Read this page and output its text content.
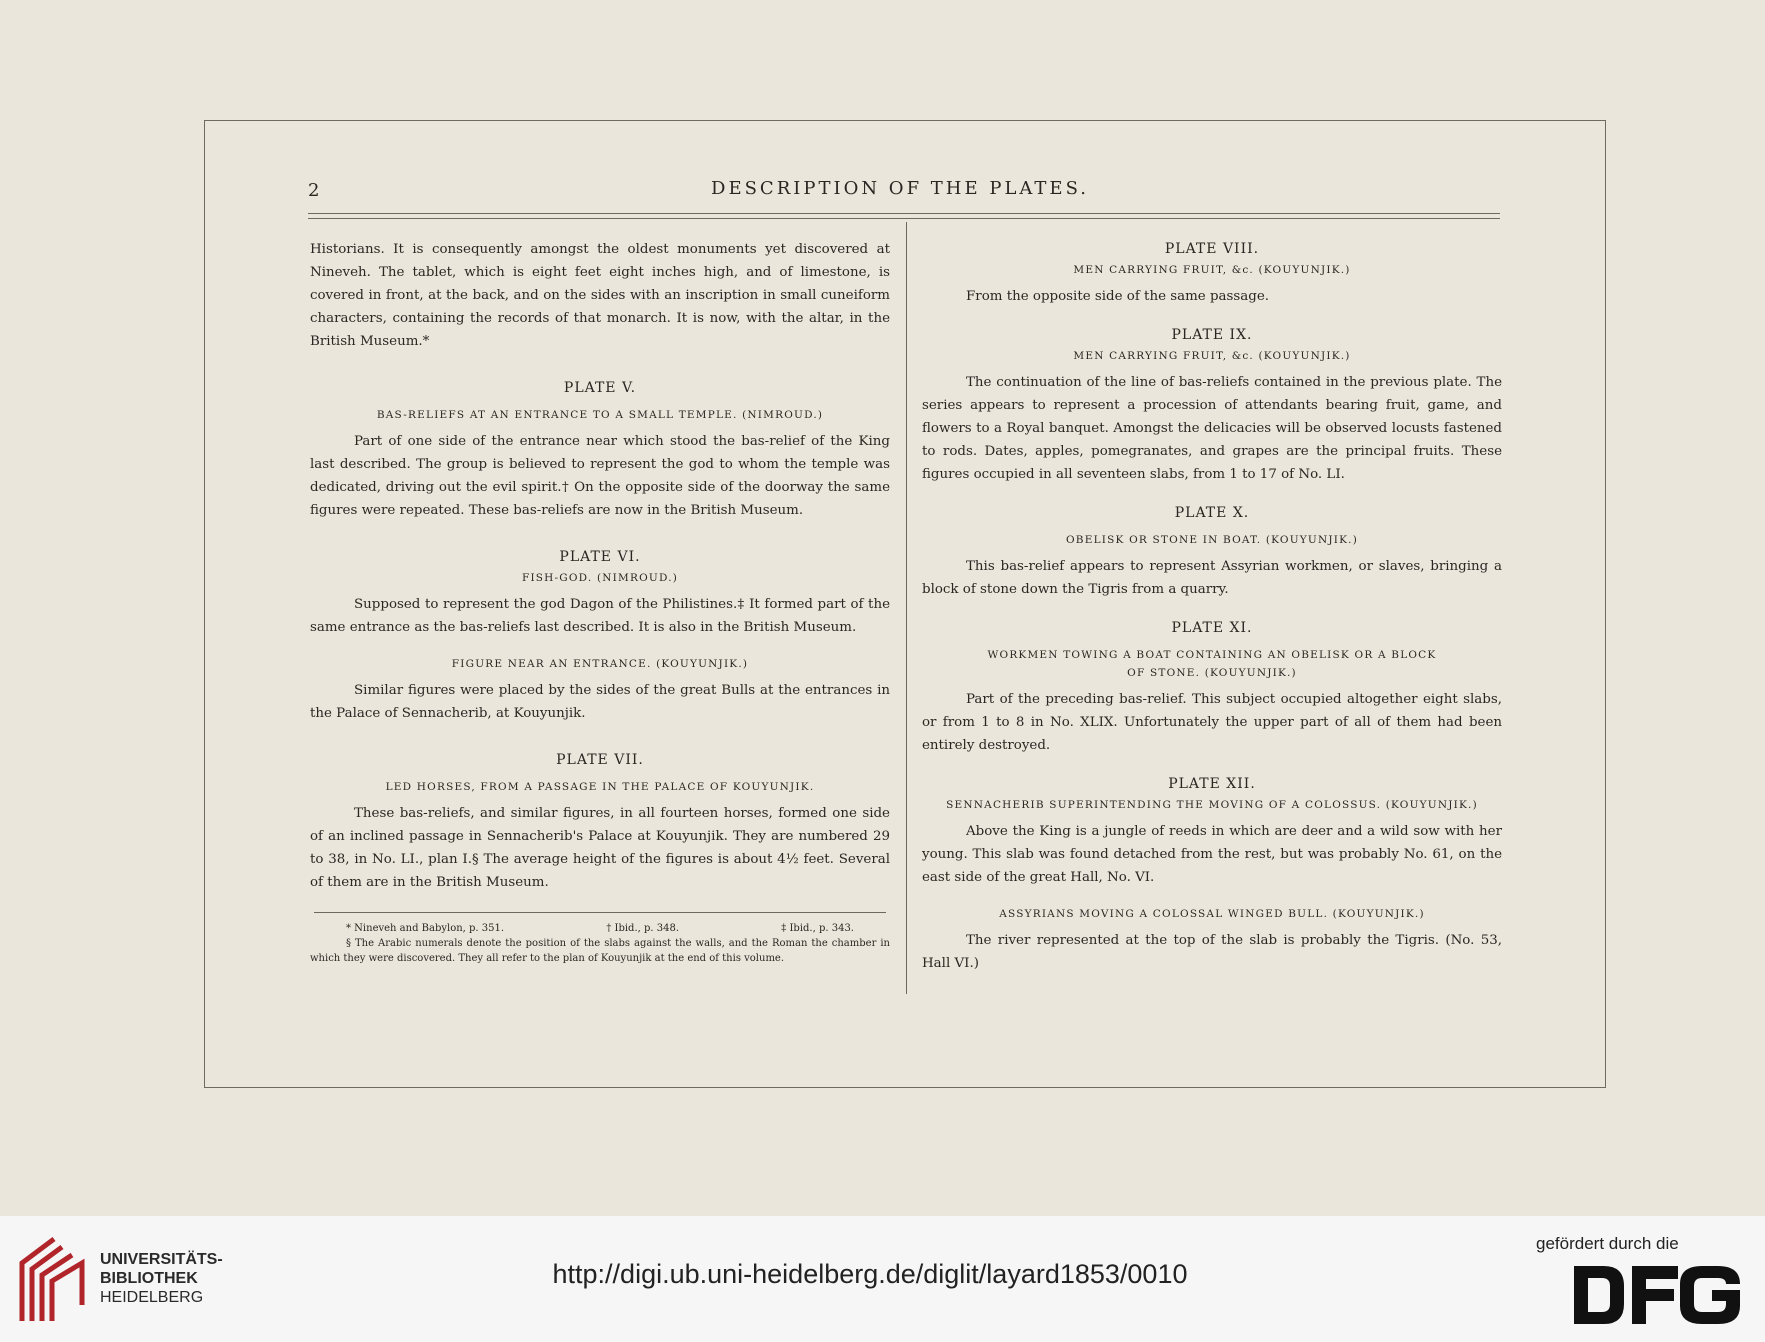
2	DESCRIPTION OF THE PLATES.

Historians. It is consequently amongst the oldest monuments yet discovered at Nineveh. The tablet, which is eight feet eight inches high, and of limestone, is covered in front, at the back, and on the sides with an inscription in small cuneiform characters, containing the records of that monarch. It is now, with the altar, in the British Museum.*

PLATE V.

BAS-RELIEFS AT AN ENTRANCE TO A SMALL TEMPLE. (NIMROUD.)

Part of one side of the entrance near which stood the bas-relief of the King last described. The group is believed to represent the god to whom the temple was dedicated, driving out the evil spirit.† On the opposite side of the doorway the same figures were repeated. These bas-reliefs are now in the British Museum.

PLATE VI.

FISH-GOD. (NIMROUD.)

Supposed to represent the god Dagon of the Philistines.‡ It formed part of the same entrance as the bas-reliefs last described. It is also in the British Museum.

FIGURE NEAR AN ENTRANCE. (KOUYUNJIK.)

Similar figures were placed by the sides of the great Bulls at the entrances in the Palace of Sennacherib, at Kouyunjik.

PLATE VII.

LED HORSES, FROM A PASSAGE IN THE PALACE OF KOUYUNJIK.

These bas-reliefs, and similar figures, in all fourteen horses, formed one side of an inclined passage in Sennacherib's Palace at Kouyunjik. They are numbered 29 to 38, in No. LI., plan I.§ The average height of the figures is about 4½ feet. Several of them are in the British Museum.

* Nineveh and Babylon, p. 351.	† Ibid., p. 348.	‡ Ibid., p. 343.

§ The Arabic numerals denote the position of the slabs against the walls, and the Roman the chamber in which they were discovered. They all refer to the plan of Kouyunjik at the end of this volume.

PLATE VIII.

MEN CARRYING FRUIT, &c. (KOUYUNJIK.)

From the opposite side of the same passage.

PLATE IX.

MEN CARRYING FRUIT, &c. (KOUYUNJIK.)

The continuation of the line of bas-reliefs contained in the previous plate. The series appears to represent a procession of attendants bearing fruit, game, and flowers to a Royal banquet. Amongst the delicacies will be observed locusts fastened to rods. Dates, apples, pomegranates, and grapes are the principal fruits. These figures occupied in all seventeen slabs, from 1 to 17 of No. LI.

PLATE X.

OBELISK OR STONE IN BOAT. (KOUYUNJIK.)

This bas-relief appears to represent Assyrian workmen, or slaves, bringing a block of stone down the Tigris from a quarry.

PLATE XI.

WORKMEN TOWING A BOAT CONTAINING AN OBELISK OR A BLOCK

OF STONE. (KOUYUNJIK.)

Part of the preceding bas-relief. This subject occupied altogether eight slabs, or from 1 to 8 in No. XLIX. Unfortunately the upper part of all of them had been entirely destroyed.

PLATE XII.

SENNACHERIB SUPERINTENDING THE MOVING OF A COLOSSUS. (KOUYUNJIK.)

Above the King is a jungle of reeds in which are deer and a wild sow with her young. This slab was found detached from the rest, but was probably No. 61, on the east side of the great Hall, No. VI.

ASSYRIANS MOVING A COLOSSAL WINGED BULL. (KOUYUNJIK.)

The river represented at the top of the slab is probably the Tigris. (No. 53, Hall VI.)

UNIVERSITÄTS-
BIBLIOTHEK
HEIDELBERG
http://digi.ub.uni-heidelberg.de/diglit/layard1853/0010
gefördert durch die
